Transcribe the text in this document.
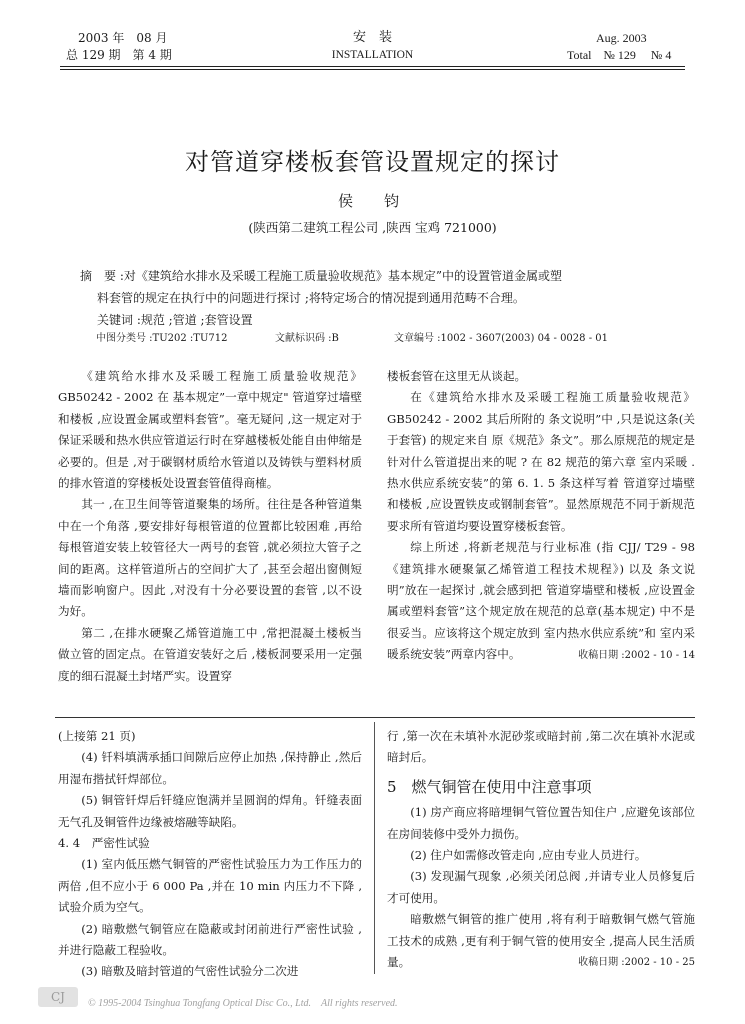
2003 年　08 月
总 129 期　第 4 期
安　装
INSTALLATION
Aug. 2003
Total　№ 129　 № 4
对管道穿楼板套管设置规定的探讨
侯　钧
(陕西第二建筑工程公司 ,陕西 宝鸡 721000)
摘　要 :对《建筑给水排水及采暖工程施工质量验收规范》基本规定”中的设置管道金属或塑
料套管的规定在执行中的问题进行探讨 ;将特定场合的情况提到通用范畴不合理。
关键词 :规范 ;管道 ;套管设置
中图分类号 :TU202 :TU712	文献标识码 :B	文章编号 :1002 - 3607(2003) 04 - 0028 - 01

《建筑给水排水及采暖工程施工质量验收规范》GB50242 - 2002 在 基本规定”一章中规定" 管道穿过墙壁和楼板 ,应设置金属或塑料套管”。毫无疑问 ,这一规定对于保证采暖和热水供应管道运行时在穿越楼板处能自由伸缩是必要的。但是 ,对于碳钢材质给水管道以及铸铁与塑料材质的排水管道的穿楼板处设置套管值得商榷。

其一 ,在卫生间等管道聚集的场所。往往是各种管道集中在一个角落 ,要安排好每根管道的位置都比较困难 ,再给每根管道安装上较管径大一两号的套管 ,就必须拉大管子之间的距离。这样管道所占的空间扩大了 ,甚至会超出窗侧短墙而影响窗户。因此 ,对没有十分必要设置的套管 ,以不设为好。

第二 ,在排水硬聚乙烯管道施工中 ,常把混凝土楼板当做立管的固定点。在管道安装好之后 ,楼板洞要采用一定强度的细石混凝土封堵严实。设置穿

楼板套管在这里无从谈起。

在《建筑给水排水及采暖工程施工质量验收规范》GB50242 - 2002 其后所附的 条文说明”中 ,只是说这条(关于套管) 的规定来自 原《规范》条文”。那么原规范的规定是针对什么管道提出来的呢 ? 在 82 规范的第六章 室内采暖 .热水供应系统安装”的第 6. 1. 5 条这样写着 管道穿过墙壁和楼板 ,应设置铁皮或钢制套管”。显然原规范不同于新规范要求所有管道均要设置穿楼板套管。

综上所述 ,将新老规范与行业标准 (指 CJJ/ T29 - 98《建筑排水硬聚氯乙烯管道工程技术规程》) 以及 条文说明”放在一起探讨 ,就会感到把 管道穿墙壁和楼板 ,应设置金属或塑料套管”这个规定放在规范的总章(基本规定) 中不是很妥当。应该将这个规定放到 室内热水供应系统”和 室内采暖系统安装”两章内容中。	收稿日期 :2002 - 10 - 14

(上接第 21 页)

(4) 钎料填满承插口间隙后应停止加热 ,保持静止 ,然后用湿布揩拭钎焊部位。

(5) 铜管钎焊后钎缝应饱满并呈圆润的焊角。钎缝表面无气孔及铜管件边缘被熔融等缺陷。

4. 4　严密性试验

(1) 室内低压燃气铜管的严密性试验压力为工作压力的两倍 ,但不应小于 6 000 Pa ,并在 10 min 内压力不下降 ,试验介质为空气。

(2) 暗敷燃气铜管应在隐蔽或封闭前进行严密性试验 ,并进行隐蔽工程验收。

(3) 暗敷及暗封管道的气密性试验分二次进

行 ,第一次在未填补水泥砂浆或暗封前 ,第二次在填补水泥或暗封后。

5　燃气铜管在使用中注意事项

(1) 房产商应将暗埋铜气管位置告知住户 ,应避免该部位在房间装修中受外力损伤。

(2) 住户如需修改管走向 ,应由专业人员进行。

(3) 发现漏气现象 ,必须关闭总阀 ,并请专业人员修复后才可使用。

暗敷燃气铜管的推广使用 ,将有利于暗敷铜气燃气管施工技术的成熟 ,更有利于铜气管的使用安全 ,提高人民生活质量。	收稿日期 :2002 - 10 - 25

CJ	© 1995-2004 Tsinghua Tongfang Optical Disc Co., Ltd.　All rights reserved.
